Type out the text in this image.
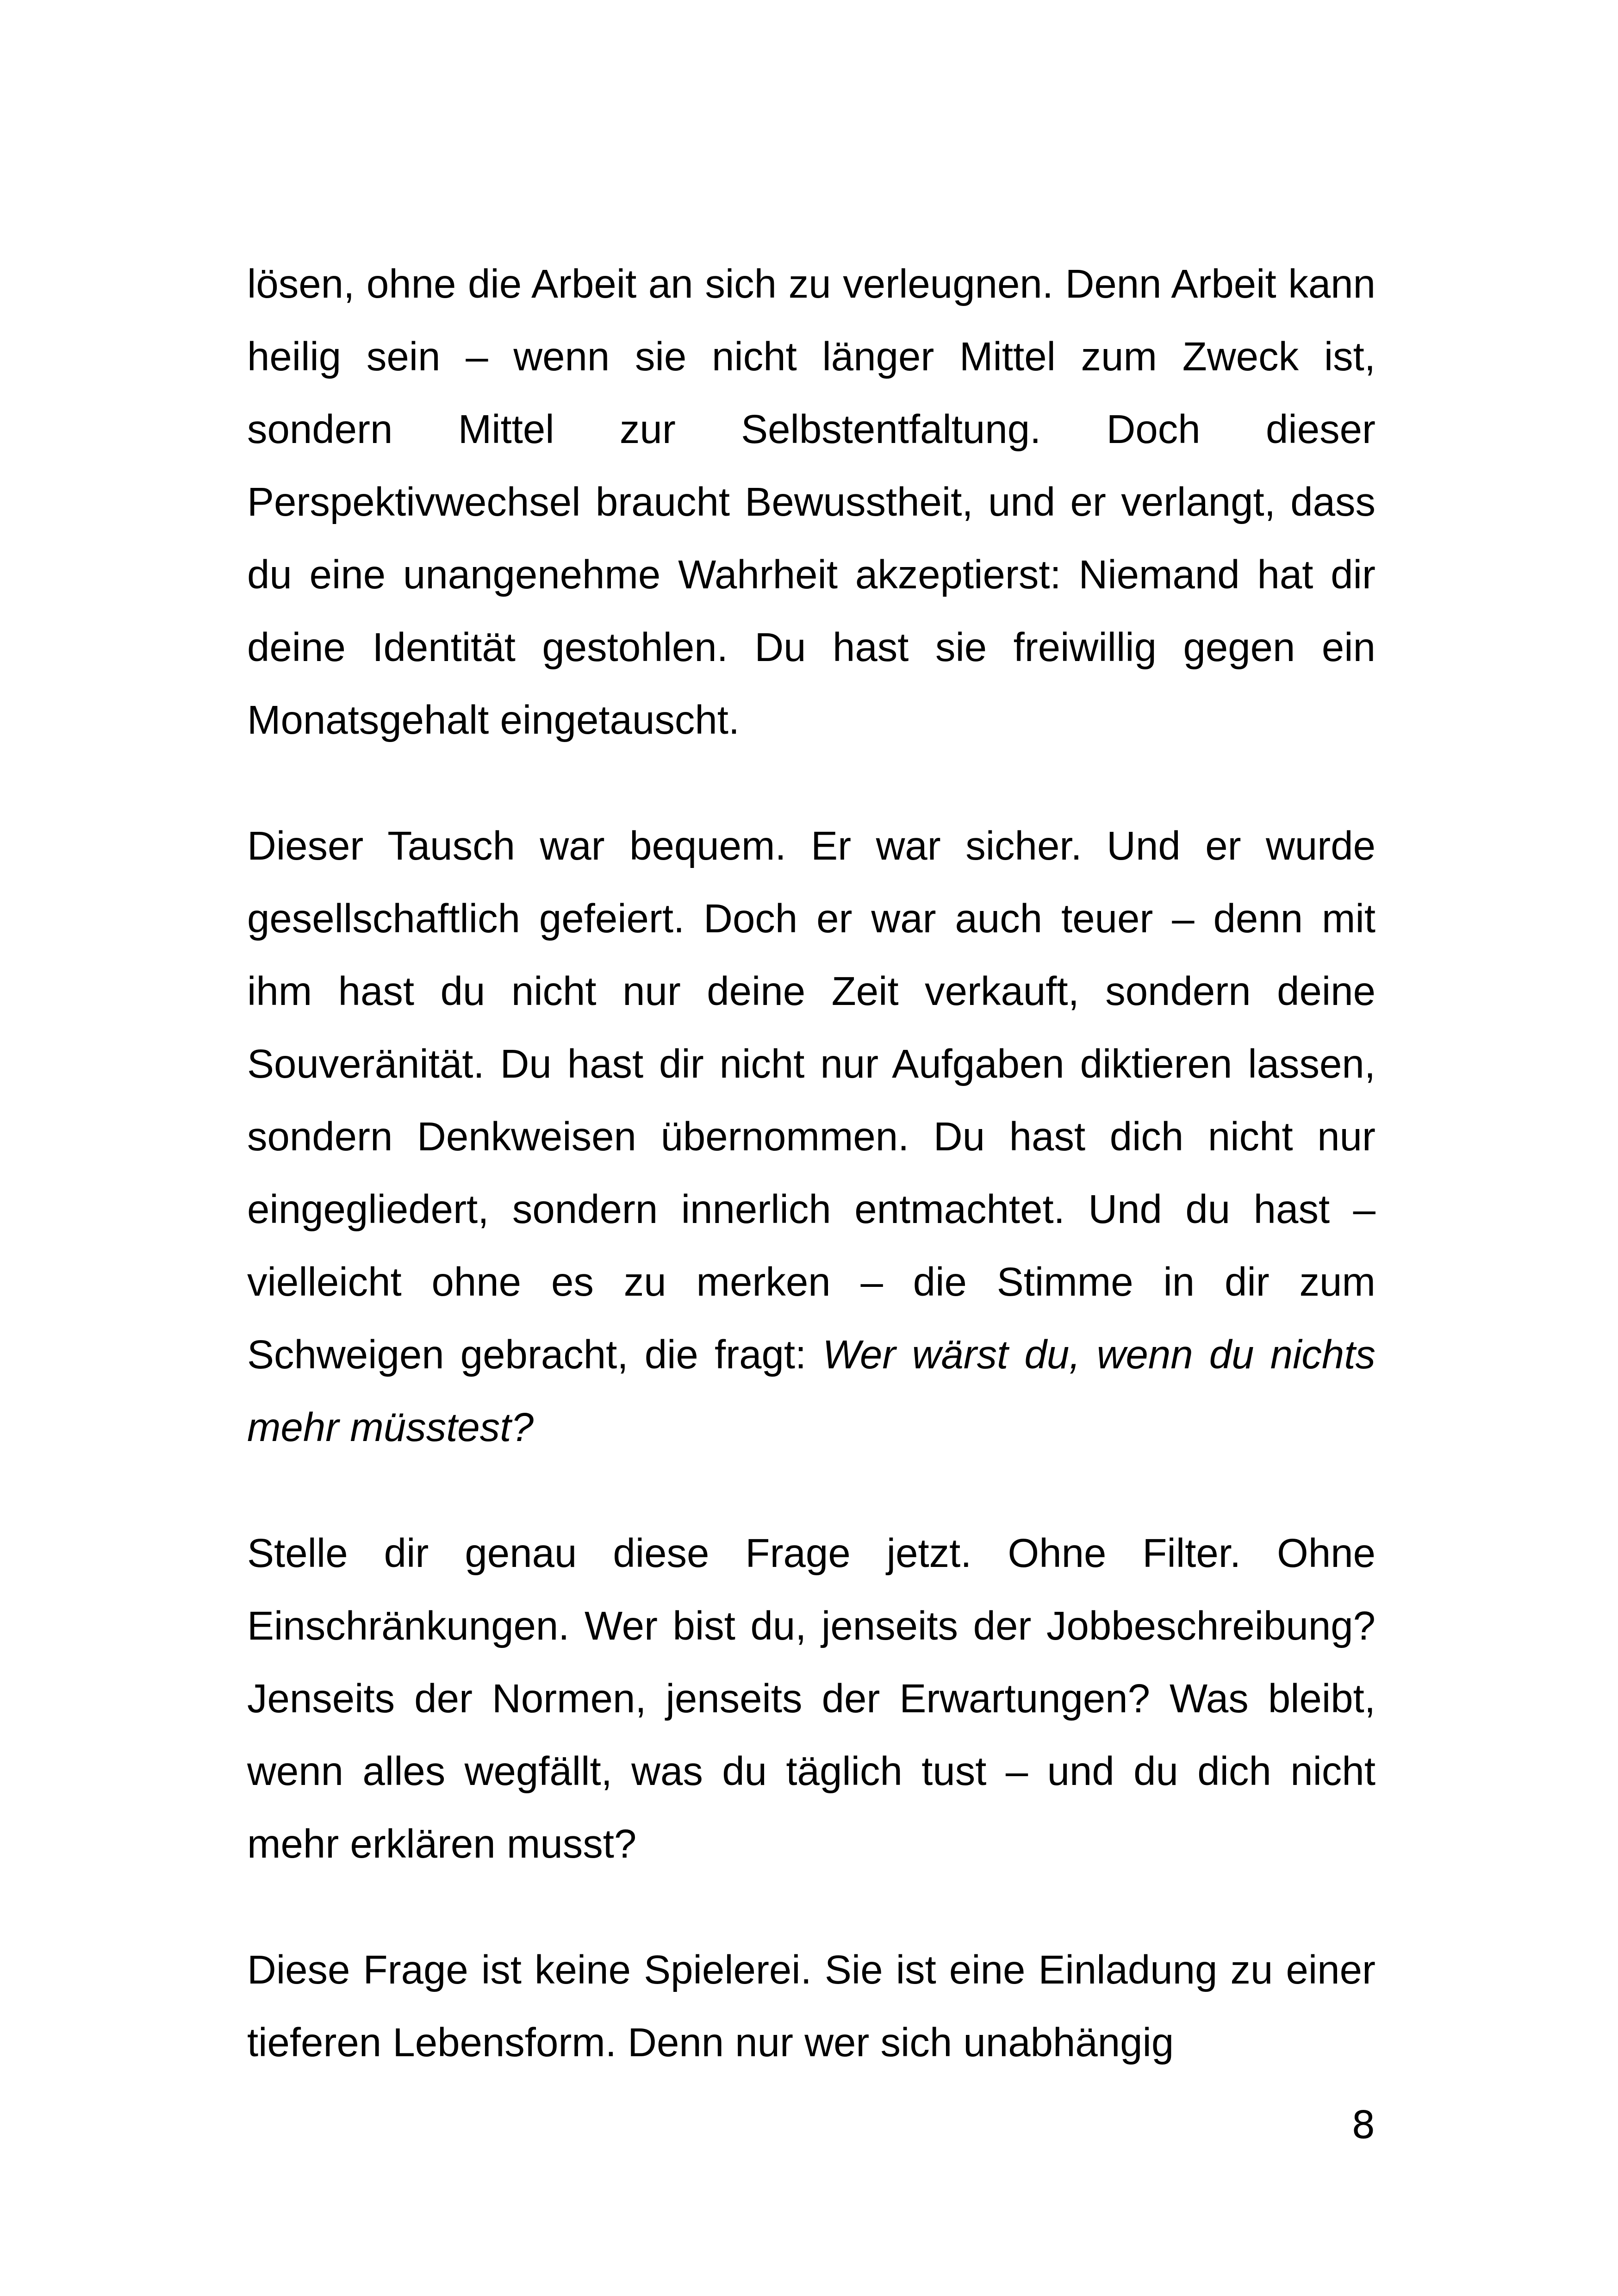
lösen, ohne die Arbeit an sich zu verleugnen. Denn Arbeit kann heilig sein – wenn sie nicht länger Mittel zum Zweck ist, sondern Mittel zur Selbstentfaltung. Doch dieser Perspektivwechsel braucht Bewusstheit, und er verlangt, dass du eine unangenehme Wahrheit akzeptierst: Niemand hat dir deine Identität gestohlen. Du hast sie freiwillig gegen ein Monatsgehalt eingetauscht.

Dieser Tausch war bequem. Er war sicher. Und er wurde gesellschaftlich gefeiert. Doch er war auch teuer – denn mit ihm hast du nicht nur deine Zeit verkauft, sondern deine Souveränität. Du hast dir nicht nur Aufgaben diktieren lassen, sondern Denkweisen übernommen. Du hast dich nicht nur eingegliedert, sondern innerlich entmachtet. Und du hast – vielleicht ohne es zu merken – die Stimme in dir zum Schweigen gebracht, die fragt: Wer wärst du, wenn du nichts mehr müsstest?

Stelle dir genau diese Frage jetzt. Ohne Filter. Ohne Einschränkungen. Wer bist du, jenseits der Jobbeschreibung? Jenseits der Normen, jenseits der Erwartungen? Was bleibt, wenn alles wegfällt, was du täglich tust – und du dich nicht mehr erklären musst?

Diese Frage ist keine Spielerei. Sie ist eine Einladung zu einer tieferen Lebensform. Denn nur wer sich unabhängig

8
